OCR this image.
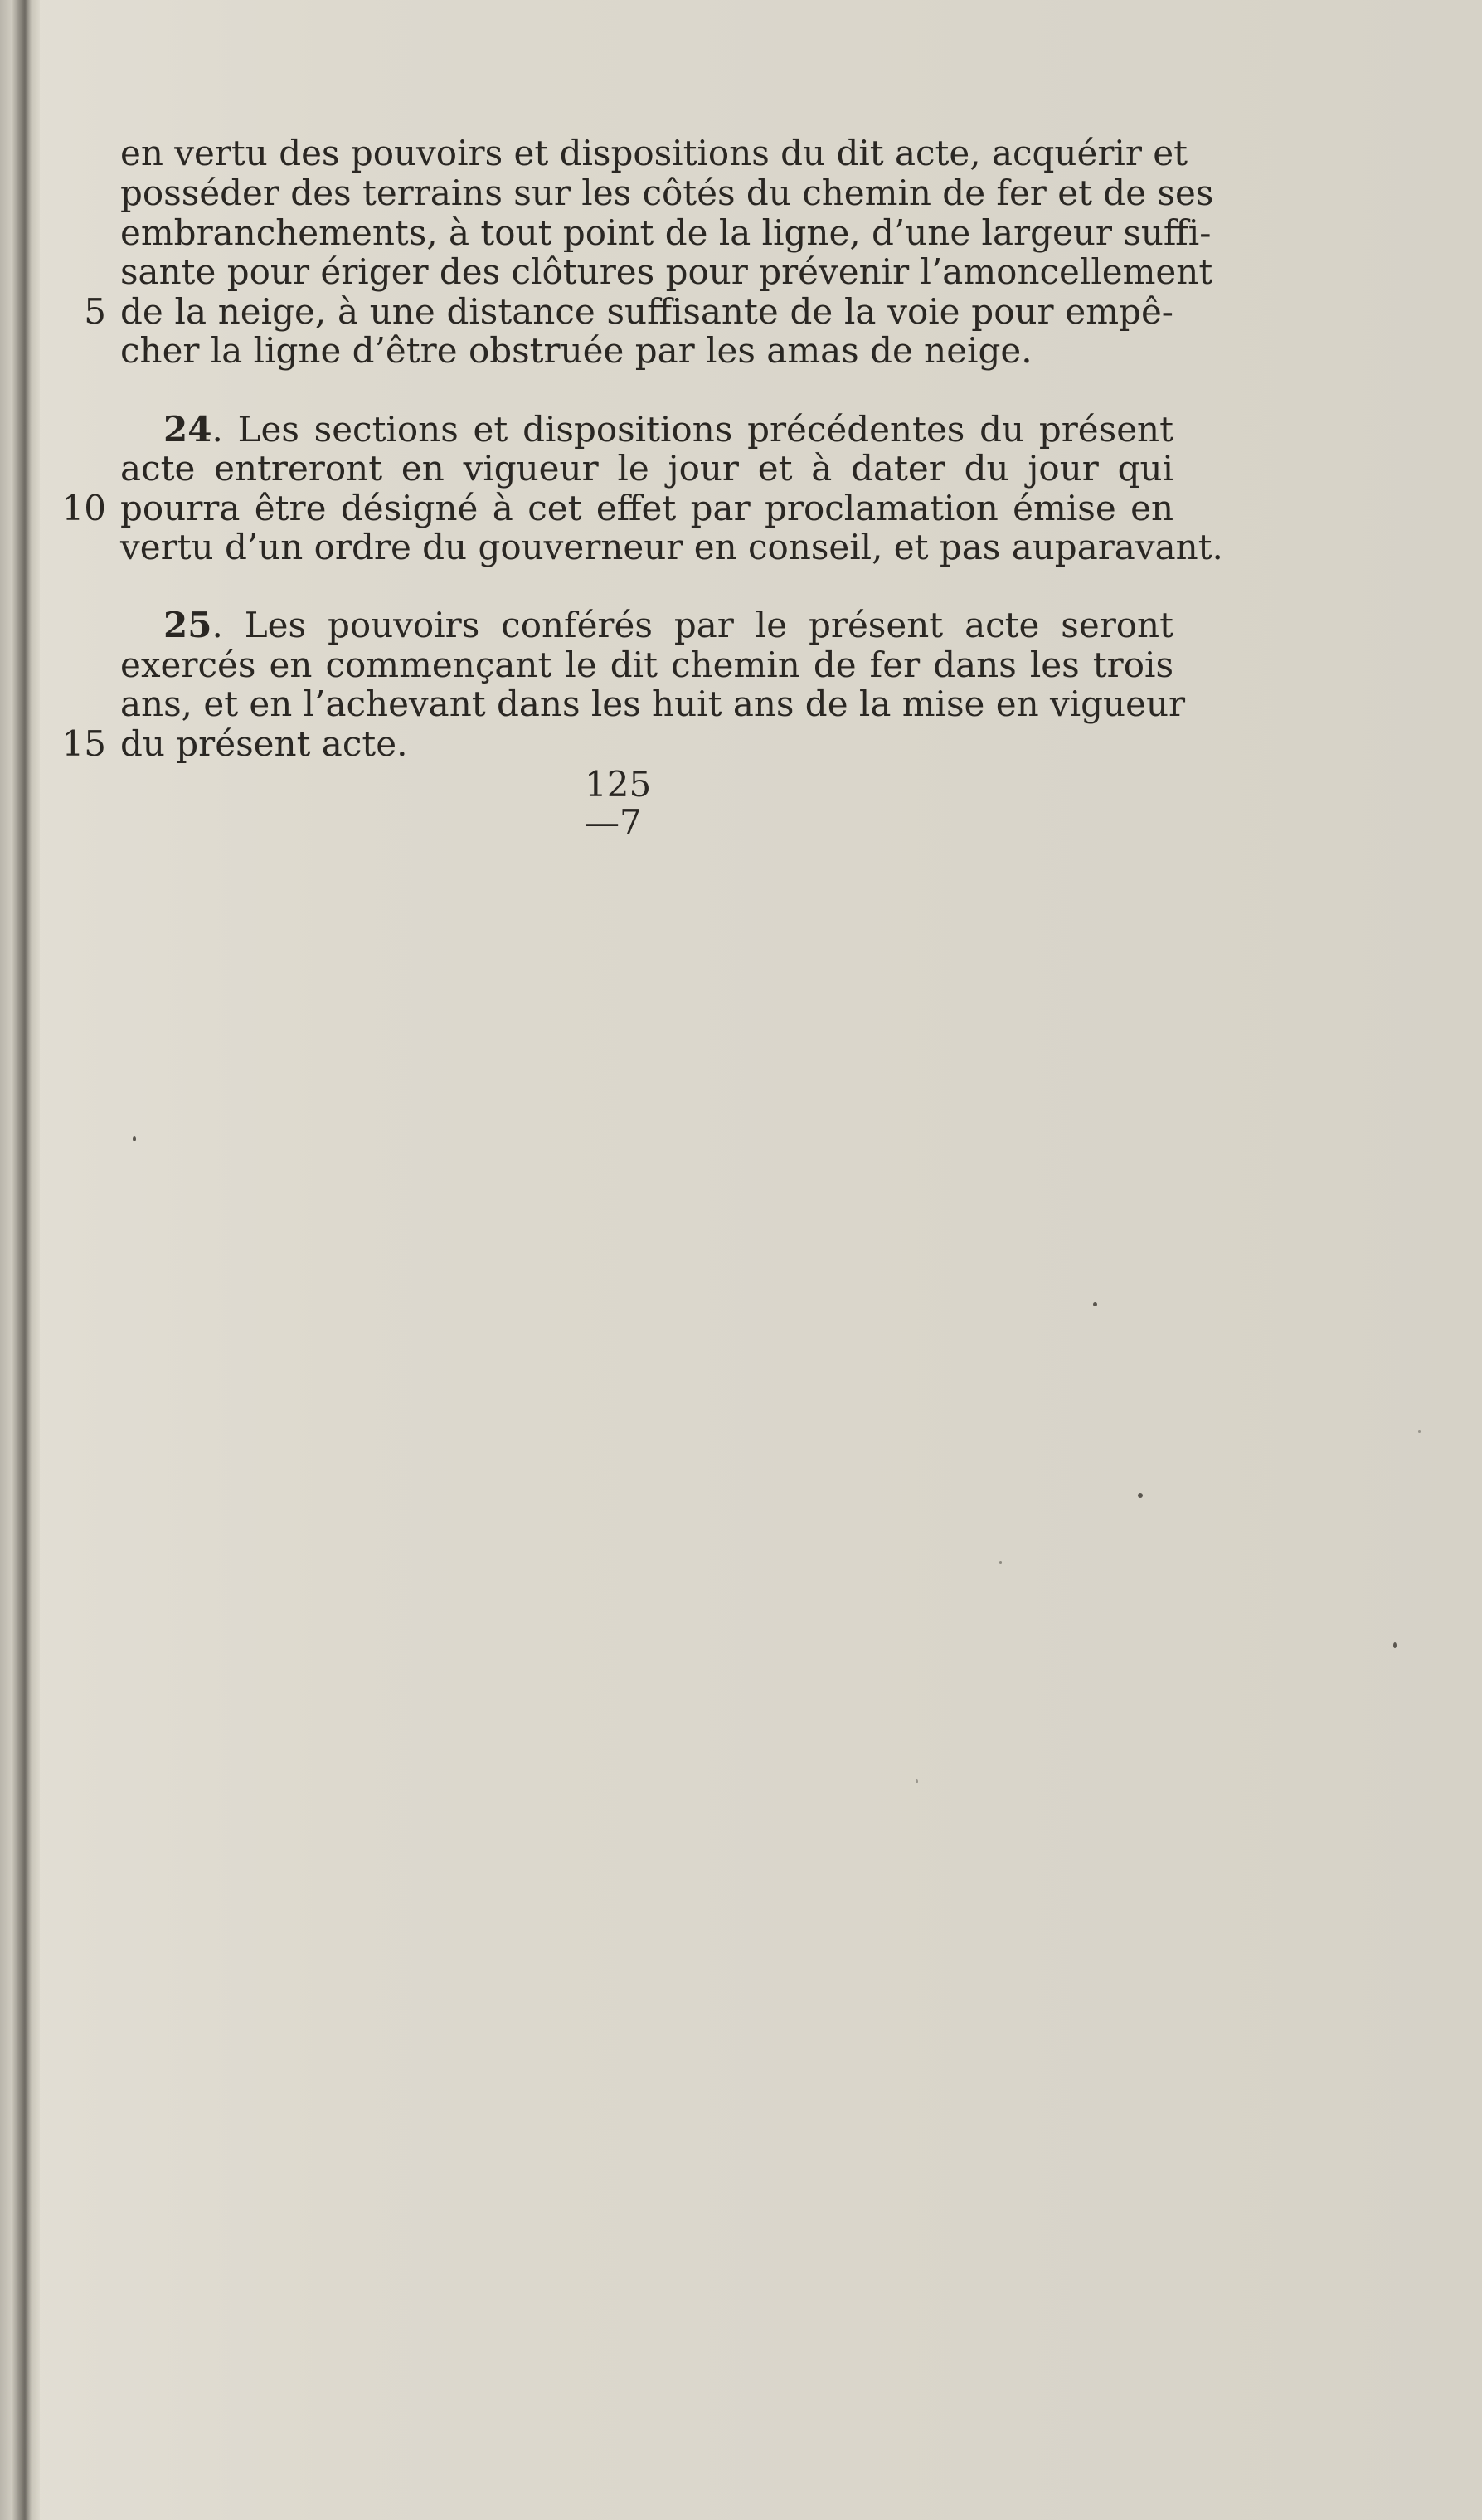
en vertu des pouvoirs et dispositions du dit acte, acquérir et
posséder des terrains sur les côtés du chemin de fer et de ses
embranchements, à tout point de la ligne, d’une largeur suffi-
sante pour ériger des clôtures pour prévenir l’amoncellement
5 de la neige, à une distance suffisante de la voie pour empê-
cher la ligne d’être obstruée par les amas de neige.
24. Les sections et dispositions précédentes du présent
acte entreront en vigueur le jour et à dater du jour qui
10 pourra être désigné à cet effet par proclamation émise en
vertu d’un ordre du gouverneur en conseil, et pas auparavant.
25. Les pouvoirs conférés par le présent acte seront
exercés en commençant le dit chemin de fer dans les trois
ans, et en l’achevant dans les huit ans de la mise en vigueur
15 du présent acte.
125—7
